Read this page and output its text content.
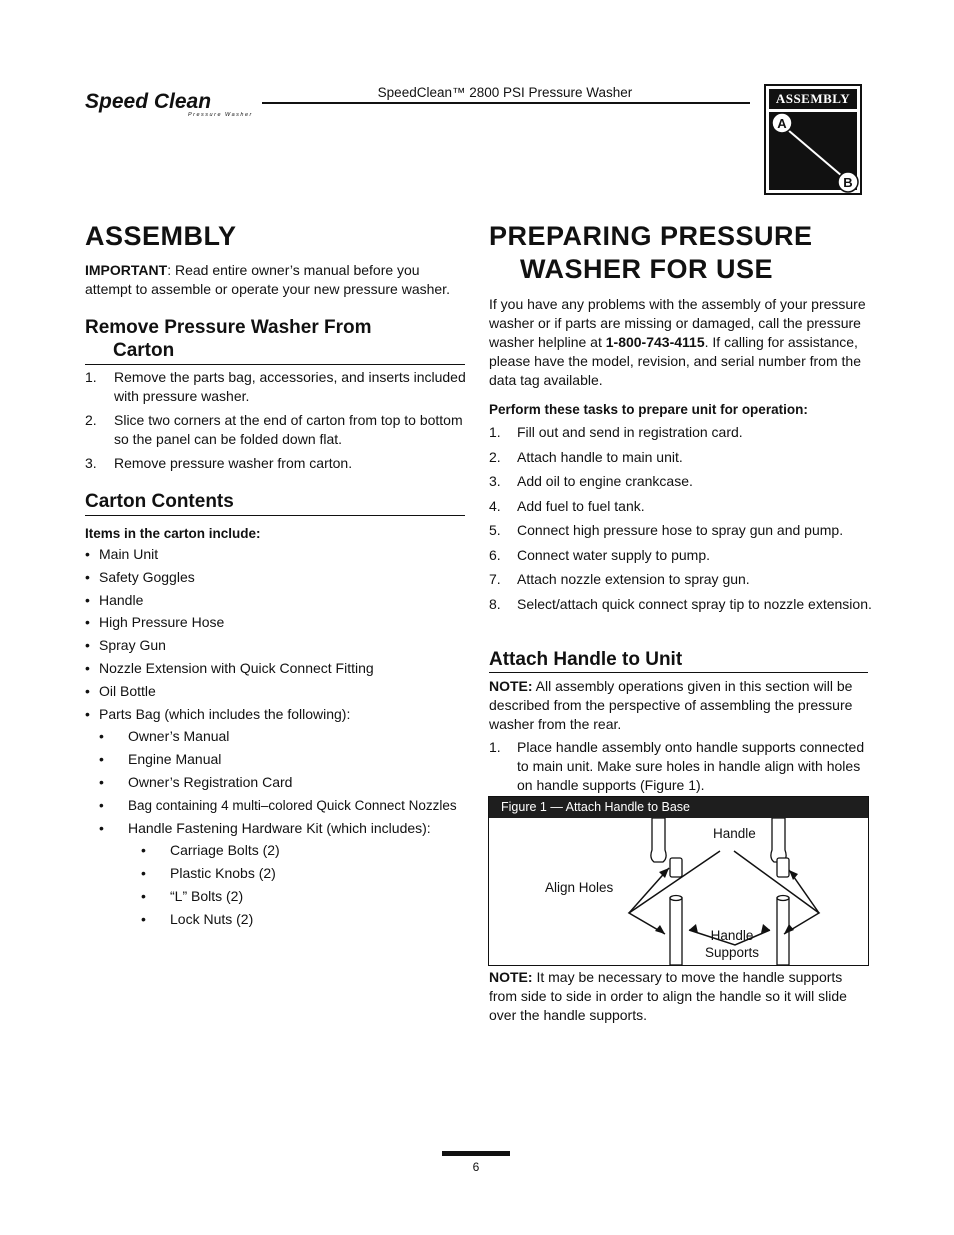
Speed Clean
Pressure Washer
SpeedClean™ 2800 PSI Pressure Washer	ASSEMBLY
A
B
ASSEMBLY

IMPORTANT: Read entire owner’s manual before you attempt to assemble or operate your new pressure washer.

Remove Pressure Washer From
Carton
1. Remove the parts bag, accessories, and inserts included with pressure washer.
2. Slice two corners at the end of carton from top to bottom so the panel can be folded down flat.
3. Remove pressure washer from carton.
Carton Contents

Items in the carton include:

• Main Unit
• Safety Goggles
• Handle
• High Pressure Hose
• Spray Gun
• Nozzle Extension with Quick Connect Fitting
• Oil Bottle
• Parts Bag (which includes the following):
• Owner’s Manual
• Engine Manual
• Owner’s Registration Card
• Bag containing 4 multi–colored Quick Connect Nozzles
• Handle Fastening Hardware Kit (which includes):
• Carriage Bolts (2)
• Plastic Knobs (2)
• “L” Bolts (2)
• Lock Nuts (2)
PREPARING PRESSURE
WASHER FOR USE

If you have any problems with the assembly of your pressure washer or if parts are missing or damaged, call the pressure washer helpline at 1-800-743-4115. If calling for assistance, please have the model, revision, and serial number from the data tag available.

Perform these tasks to prepare unit for operation:

1. Fill out and send in registration card.
2. Attach handle to main unit.
3. Add oil to engine crankcase.
4. Add fuel to fuel tank.
5. Connect high pressure hose to spray gun and pump.
6. Connect water supply to pump.
7. Attach nozzle extension to spray gun.
8. Select/attach quick connect spray tip to nozzle extension.
Attach Handle to Unit

NOTE: All assembly operations given in this section will be described from the perspective of assembling the pressure washer from the rear.

1. Place handle assembly onto handle supports connected to main unit. Make sure holes in handle align with holes on handle supports (Figure 1).
Figure 1 — Attach Handle to Base
Handle
Align Holes
Handle
Supports

NOTE: It may be necessary to move the handle supports from side to side in order to align the handle so it will slide over the handle supports.

6
